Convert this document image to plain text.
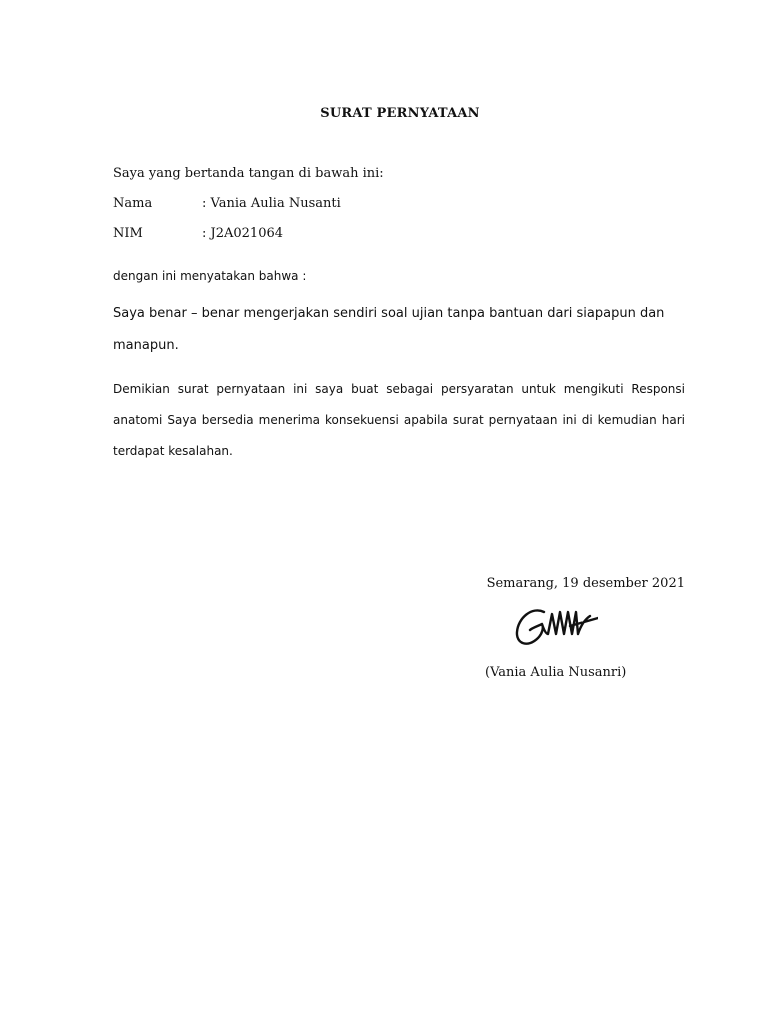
SURAT PERNYATAAN
Saya yang bertanda tangan di bawah ini:
Nama	: Vania Aulia Nusanti
NIM	: J2A021064
dengan ini menyatakan bahwa :
Saya benar – benar mengerjakan sendiri soal ujian tanpa bantuan dari siapapun dan manapun.
Demikian surat pernyataan ini saya buat sebagai persyaratan untuk mengikuti Responsi anatomi Saya bersedia menerima konsekuensi apabila surat pernyataan ini di kemudian hari terdapat kesalahan.
Semarang, 19 desember 2021
(Vania Aulia Nusanri)
